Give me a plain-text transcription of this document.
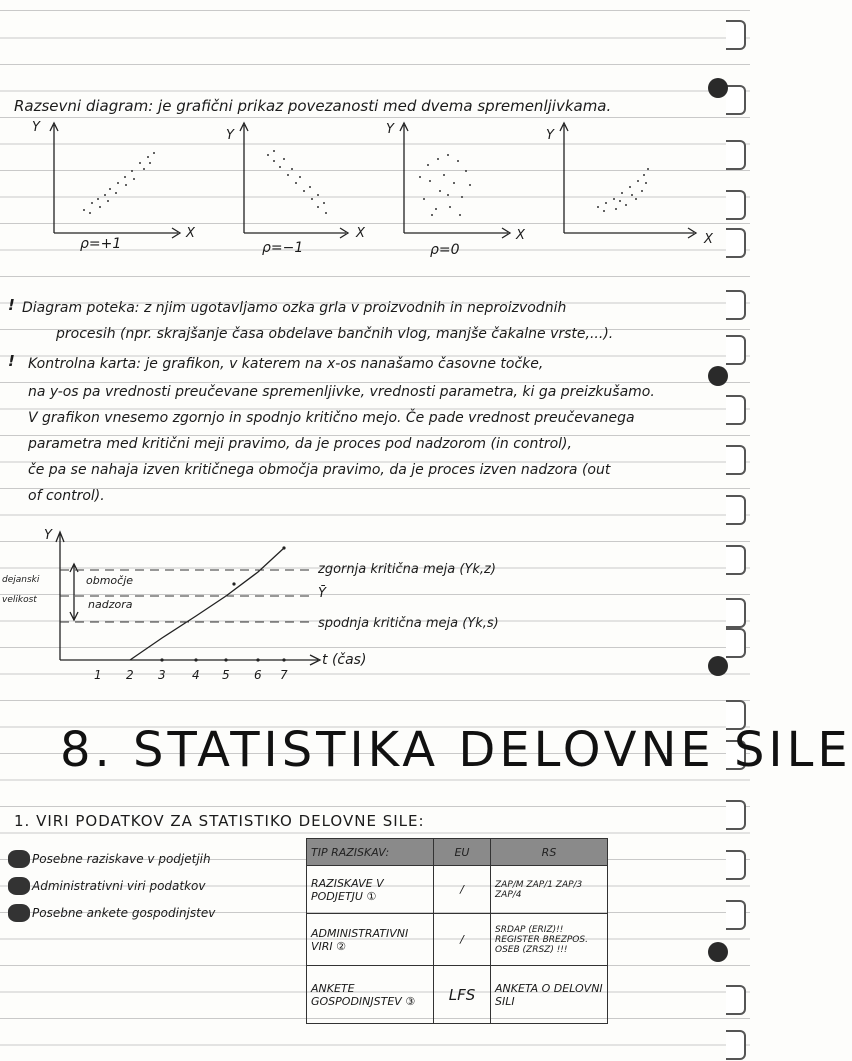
Razsevni diagram: je grafični prikaz povezanosti med dvema spremenljivkama.
Y
Y	Y	Y
X	X	X	X
ρ=+1	ρ=−1	ρ=0
! Diagram poteka: z njim ugotavljamo ozka grla v proizvodnih in neproizvodnih
procesih (npr. skrajšanje časa obdelave bančnih vlog, manjše čakalne vrste,...).
! Kontrolna karta: je grafikon, v katerem na x-os nanašamo časovne točke,
na y-os pa vrednosti preučevane spremenljivke, vrednosti parametra, ki ga preizkušamo.
V grafikon vnesemo zgornjo in spodnjo kritično mejo. Če pade vrednost preučevanega
parametra med kritični meji pravimo, da je proces pod nadzorom (in control),
če pa se nahaja izven kritičnega območja pravimo, da je proces izven nadzora (out
of control).
Y
dejanski
velikost
območje
nadzora
zgornja kritična meja (Yk,z)
Ȳ
spodnja kritična meja (Yk,s)
t (čas)
1 2 3 4 5 6 7
8. STATISTIKA DELOVNE SILE
1. VIRI PODATKOV ZA STATISTIKO DELOVNE SILE:
Posebne raziskave v podjetjih
Administrativni viri podatkov
Posebne ankete gospodinjstev
TIP RAZISKAV:	EU	RS
RAZISKAVE V PODJETJU ①	/	ZAP/M ZAP/1 ZAP/3 ZAP/4
ADMINISTRATIVNI VIRI ②	/	SRDAP (ERIZ)!! REGISTER BREZPOS. OSEB (ZRSZ) !!!
ANKETE GOSPODINJSTEV ③	LFS	ANKETA O DELOVNI SILI
